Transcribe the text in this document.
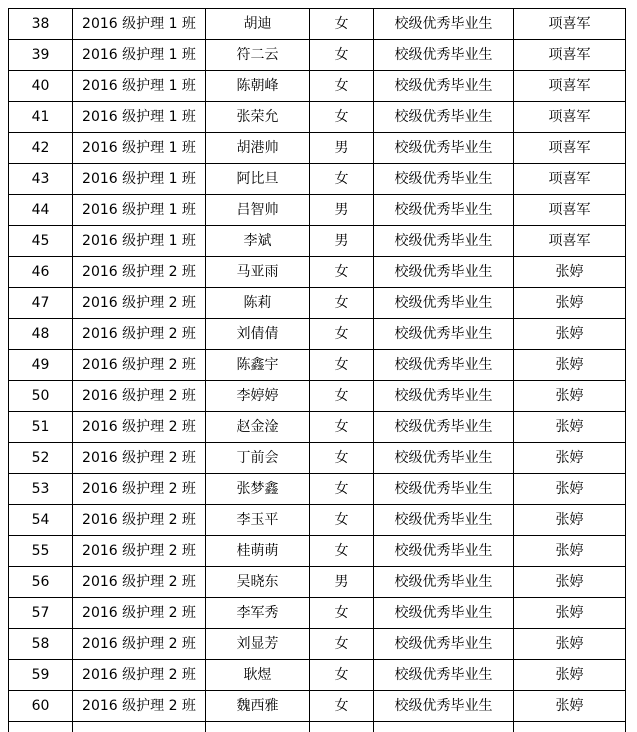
38	2016 级护理 1 班	胡迪	女	校级优秀毕业生	项喜军
39	2016 级护理 1 班	符二云	女	校级优秀毕业生	项喜军
40	2016 级护理 1 班	陈朝峰	女	校级优秀毕业生	项喜军
41	2016 级护理 1 班	张荣允	女	校级优秀毕业生	项喜军
42	2016 级护理 1 班	胡港帅	男	校级优秀毕业生	项喜军
43	2016 级护理 1 班	阿比旦	女	校级优秀毕业生	项喜军
44	2016 级护理 1 班	吕智帅	男	校级优秀毕业生	项喜军
45	2016 级护理 1 班	李斌	男	校级优秀毕业生	项喜军
46	2016 级护理 2 班	马亚雨	女	校级优秀毕业生	张婷
47	2016 级护理 2 班	陈莉	女	校级优秀毕业生	张婷
48	2016 级护理 2 班	刘倩倩	女	校级优秀毕业生	张婷
49	2016 级护理 2 班	陈鑫宇	女	校级优秀毕业生	张婷
50	2016 级护理 2 班	李婷婷	女	校级优秀毕业生	张婷
51	2016 级护理 2 班	赵金淦	女	校级优秀毕业生	张婷
52	2016 级护理 2 班	丁前会	女	校级优秀毕业生	张婷
53	2016 级护理 2 班	张梦鑫	女	校级优秀毕业生	张婷
54	2016 级护理 2 班	李玉平	女	校级优秀毕业生	张婷
55	2016 级护理 2 班	桂萌萌	女	校级优秀毕业生	张婷
56	2016 级护理 2 班	吴晓东	男	校级优秀毕业生	张婷
57	2016 级护理 2 班	李军秀	女	校级优秀毕业生	张婷
58	2016 级护理 2 班	刘显芳	女	校级优秀毕业生	张婷
59	2016 级护理 2 班	耿煜	女	校级优秀毕业生	张婷
60	2016 级护理 2 班	魏西雅	女	校级优秀毕业生	张婷
